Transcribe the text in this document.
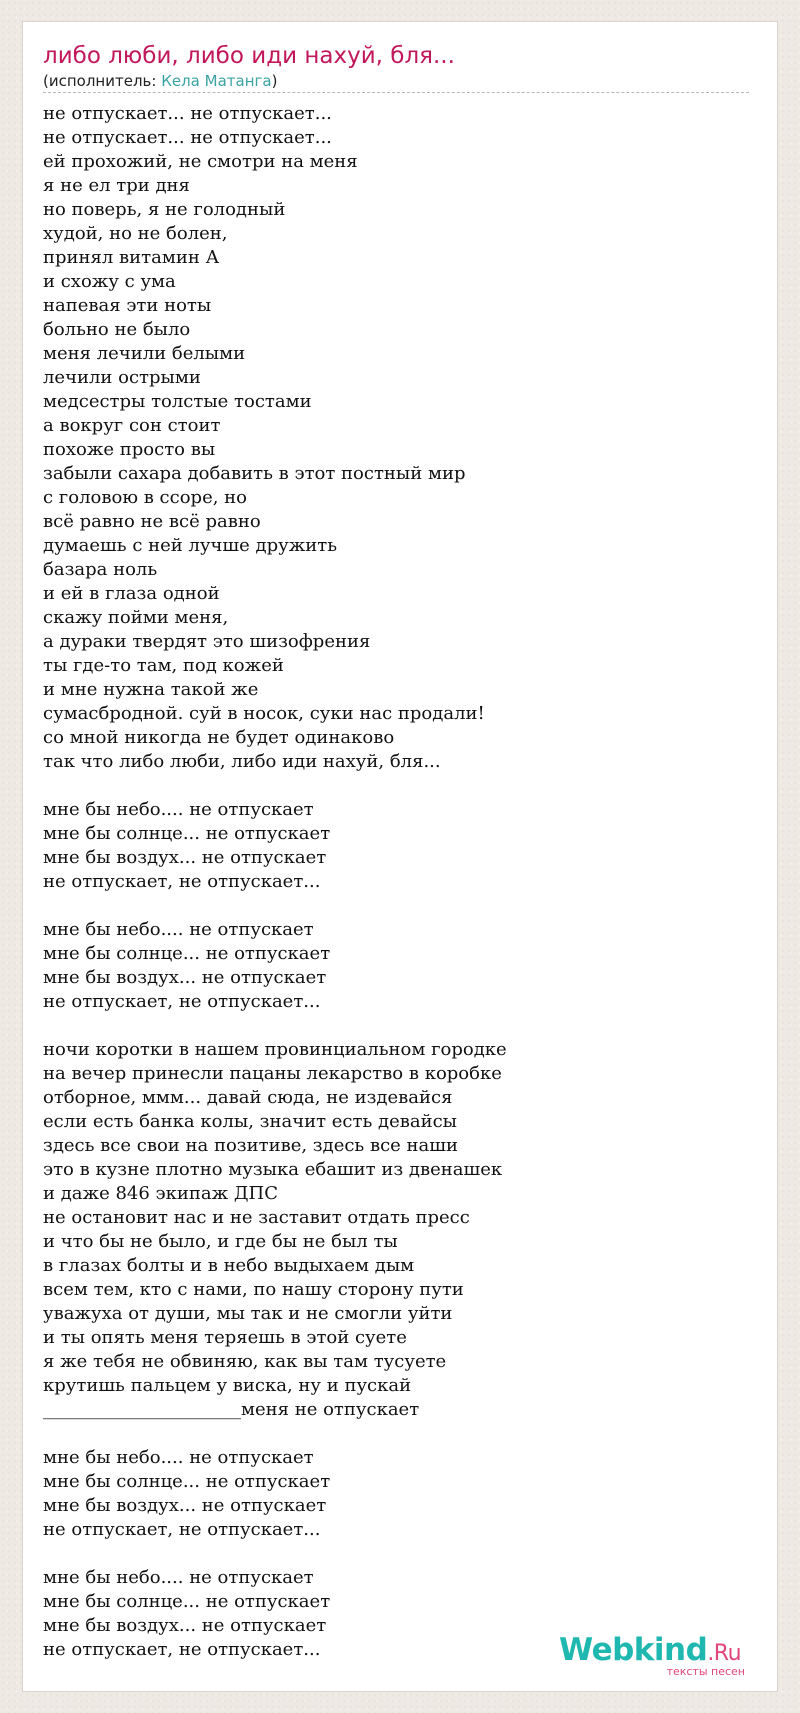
либо люби, либо иди нахуй, бля...
(исполнитель: Кела Матанга)
не отпускает... не отпускает...
не отпускает... не отпускает...
ей прохожий, не смотри на меня
я не ел три дня
но поверь, я не голодный
худой, но не болен,
принял витамин А
и схожу с ума
напевая эти ноты
больно не было
меня лечили белыми
лечили острыми
медсестры толстые тостами
а вокруг сон стоит
похоже просто вы
забыли сахара добавить в этот постный мир
с головою в ссоре, но
всё равно не всё равно
думаешь с ней лучше дружить
базара ноль
и ей в глаза одной
скажу пойми меня,
а дураки твердят это шизофрения
ты где-то там, под кожей
и мне нужна такой же
сумасбродной. суй в носок, суки нас продали!
со мной никогда не будет одинаково
так что либо люби, либо иди нахуй, бля...
мне бы небо.... не отпускает
мне бы солнце... не отпускает
мне бы воздух... не отпускает
не отпускает, не отпускает...
мне бы небо.... не отпускает
мне бы солнце... не отпускает
мне бы воздух... не отпускает
не отпускает, не отпускает...
ночи коротки в нашем провинциальном городке
на вечер принесли пацаны лекарство в коробке
отборное, ммм... давай сюда, не издевайся
если есть банка колы, значит есть девайсы
здесь все свои на позитиве, здесь все наши
это в кузне плотно музыка ебашит из двенашек
и даже 846 экипаж ДПС
не остановит нас и не заставит отдать пресс
и что бы не было, и где бы не был ты
в глазах болты и в небо выдыхаем дым
всем тем, кто с нами, по нашу сторону пути
уважуха от души, мы так и не смогли уйти
и ты опять меня теряешь в этой суете
я же тебя не обвиняю, как вы там тусуете
крутишь пальцем у виска, ну и пускай
______________________меня не отпускает
мне бы небо.... не отпускает
мне бы солнце... не отпускает
мне бы воздух... не отпускает
не отпускает, не отпускает...
мне бы небо.... не отпускает
мне бы солнце... не отпускает
мне бы воздух... не отпускает
не отпускает, не отпускает...	Webkind.Ru
тексты песен
